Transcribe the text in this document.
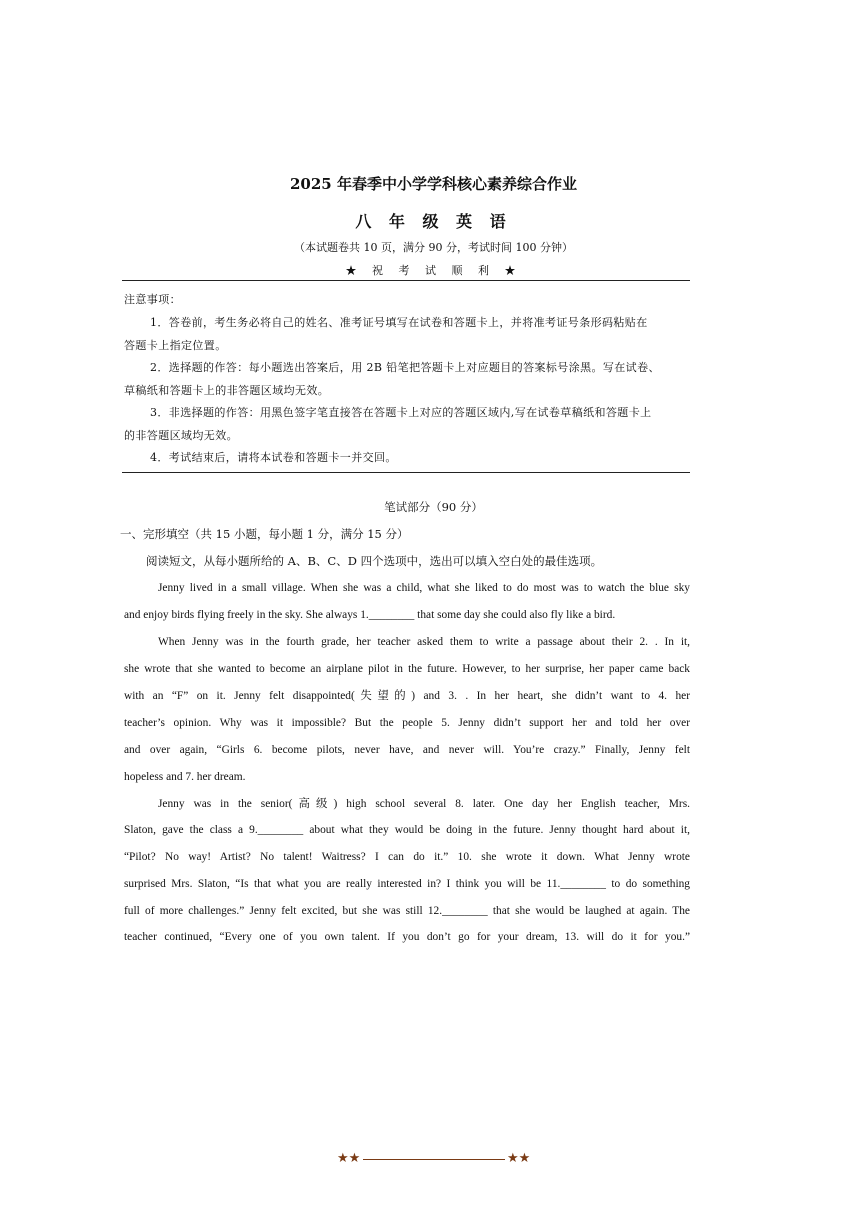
2025 年春季中小学学科核心素养综合作业
八 年 级 英 语
（本试题卷共 10 页，满分 90 分，考试时间 100 分钟）
★ 祝 考 试 顺 利 ★
注意事项：
1．答卷前，考生务必将自己的姓名、准考证号填写在试卷和答题卡上，并将准考证号条形码粘贴在
答题卡上指定位置。
2．选择题的作答：每小题选出答案后，用 2B 铅笔把答题卡上对应题目的答案标号涂黑。写在试卷、
草稿纸和答题卡上的非答题区域均无效。
3．非选择题的作答：用黑色签字笔直接答在答题卡上对应的答题区域内,写在试卷草稿纸和答题卡上
的非答题区域均无效。
4．考试结束后，请将本试卷和答题卡一并交回。
笔试部分（90 分）
一、完形填空（共 15 小题，每小题 1 分，满分 15 分）
阅读短文，从每小题所给的 A、B、C、D 四个选项中，选出可以填入空白处的最佳选项。
Jenny lived in a small village. When she was a child, what she liked to do most was to watch the blue sky
and enjoy birds flying freely in the sky. She always 1.________ that some day she could also fly like a bird.
When Jenny was in the fourth grade, her teacher asked them to write a passage about their 2. . In it,
she wrote that she wanted to become an airplane pilot in the future. However, to her surprise, her paper came back
with an “F” on it. Jenny felt disappointed(失望的) and 3. . In her heart, she didn’t want to 4. her
teacher’s opinion. Why was it impossible? But the people 5. Jenny didn’t support her and told her over
and over again, “Girls 6. become pilots, never have, and never will. You’re crazy.” Finally, Jenny felt
hopeless and 7. her dream.
Jenny was in the senior(高级) high school several 8. later. One day her English teacher, Mrs.
Slaton, gave the class a 9.________ about what they would be doing in the future. Jenny thought hard about it,
“Pilot? No way! Artist? No talent! Waitress? I can do it.” 10. she wrote it down. What Jenny wrote
surprised Mrs. Slaton, “Is that what you are really interested in? I think you will be 11.________ to do something
full of more challenges.” Jenny felt excited, but she was still 12.________ that she would be laughed at again. The
teacher continued, “Every one of you own talent. If you don’t go for your dream, 13. will do it for you.”
★★	★★
